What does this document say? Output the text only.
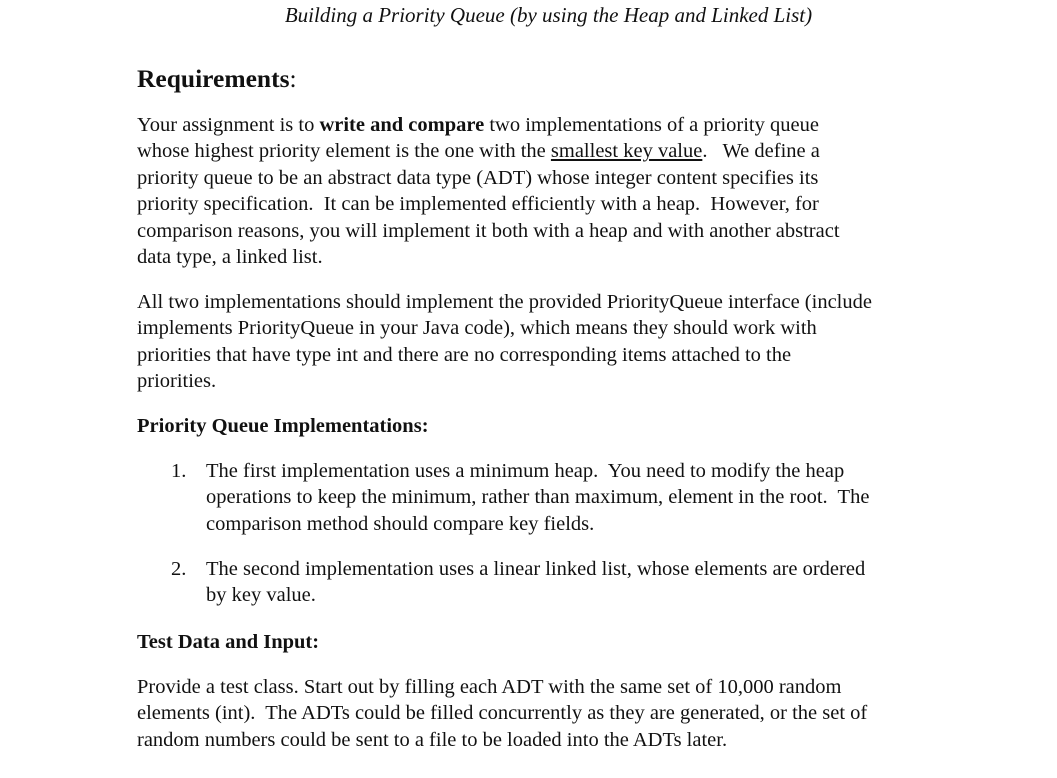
Building a Priority Queue (by using the Heap and Linked List)
Requirements:
Your assignment is to write and compare two implementations of a priority queue
whose highest priority element is the one with the smallest key value.   We define a
priority queue to be an abstract data type (ADT) whose integer content specifies its
priority specification.  It can be implemented efficiently with a heap.  However, for
comparison reasons, you will implement it both with a heap and with another abstract
data type, a linked list.
All two implementations should implement the provided PriorityQueue interface (include
implements PriorityQueue in your Java code), which means they should work with
priorities that have type int and there are no corresponding items attached to the
priorities.
Priority Queue Implementations:
1. The first implementation uses a minimum heap.  You need to modify the heap
operations to keep the minimum, rather than maximum, element in the root.  The
comparison method should compare key fields.
2. The second implementation uses a linear linked list, whose elements are ordered
by key value.
Test Data and Input:
Provide a test class. Start out by filling each ADT with the same set of 10,000 random
elements (int).  The ADTs could be filled concurrently as they are generated, or the set of
random numbers could be sent to a file to be loaded into the ADTs later.
